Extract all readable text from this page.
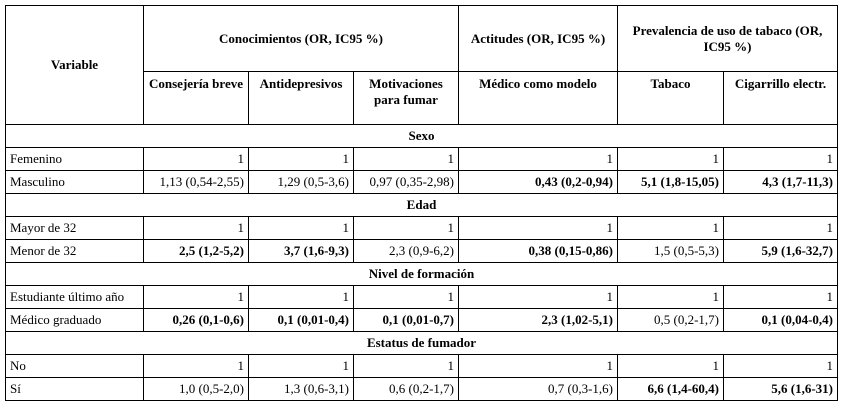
Variable	Conocimientos (OR, IC95 %)			Actitudes (OR, IC95 %)	Prevalencia de uso de tabaco (OR, IC95 %)	
	Consejería breve	Antidepresivos	Motivaciones para fumar	Médico como modelo	Tabaco	Cigarrillo electr.
Sexo						
Femenino	1	1	1	1	1	1
Masculino	1,13 (0,54-2,55)	1,29 (0,5-3,6)	0,97 (0,35-2,98)	0,43 (0,2-0,94)	5,1 (1,8-15,05)	4,3 (1,7-11,3)
Edad						
Mayor de 32	1	1	1	1	1	1
Menor de 32	2,5 (1,2-5,2)	3,7 (1,6-9,3)	2,3 (0,9-6,2)	0,38 (0,15-0,86)	1,5 (0,5-5,3)	5,9 (1,6-32,7)
Nivel de formación						
Estudiante último año	1	1	1	1	1	1
Médico graduado	0,26 (0,1-0,6)	0,1 (0,01-0,4)	0,1 (0,01-0,7)	2,3 (1,02-5,1)	0,5 (0,2-1,7)	0,1 (0,04-0,4)
Estatus de fumador						
No	1	1	1	1	1	1
Sí	1,0 (0,5-2,0)	1,3 (0,6-3,1)	0,6 (0,2-1,7)	0,7 (0,3-1,6)	6,6 (1,4-60,4)	5,6 (1,6-31)
